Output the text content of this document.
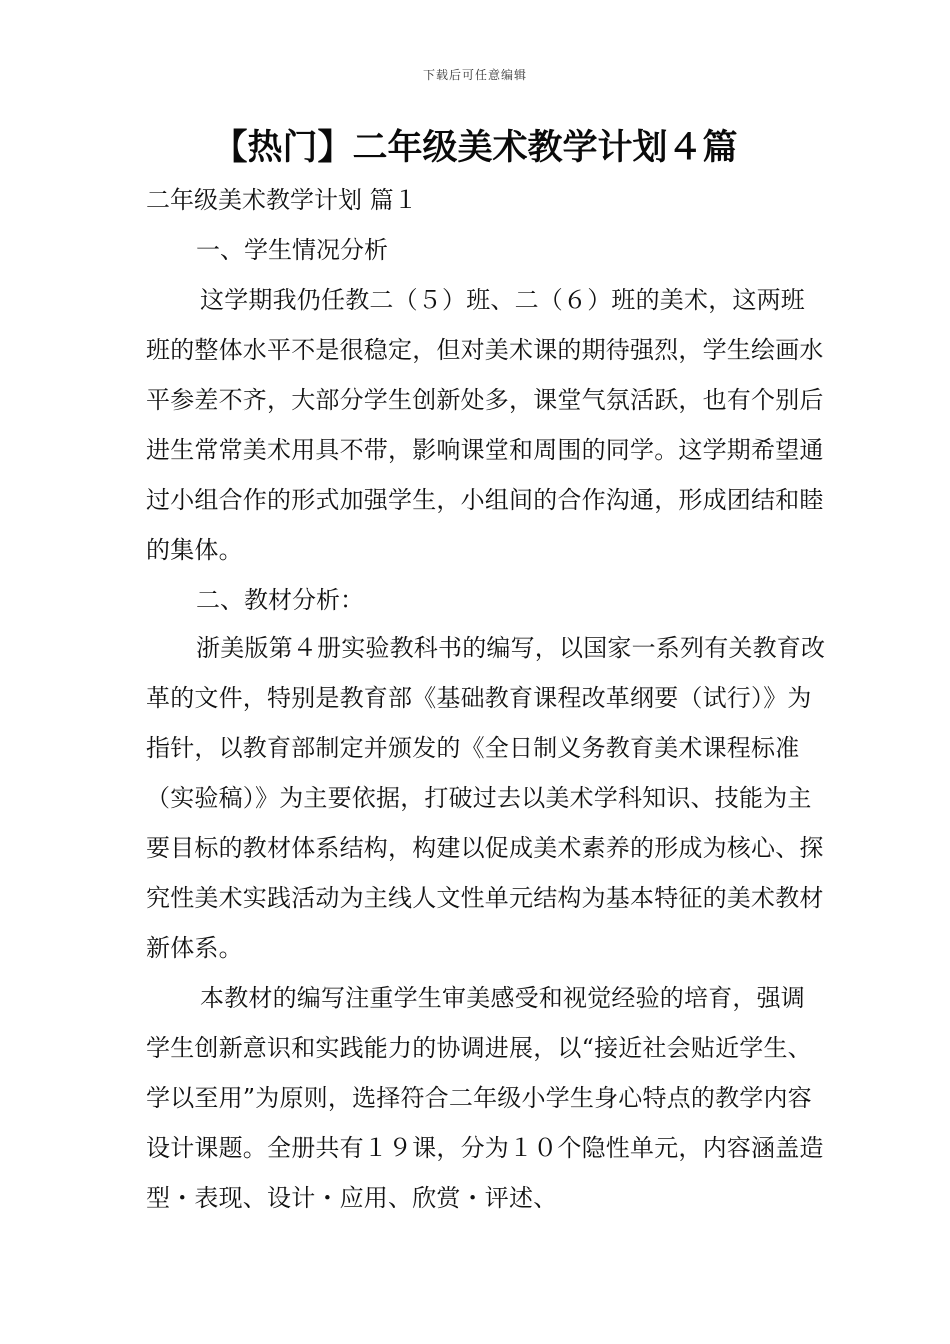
下载后可任意编辑
【热门】二年级美术教学计划４篇
二年级美术教学计划 篇１
一、学生情况分析

这学期我仍任教二（５）班、二（６）班的美术，这两班班的整体水平不是很稳定，但对美术课的期待强烈，学生绘画水平参差不齐，大部分学生创新处多，课堂气氛活跃，也有个别后进生常常美术用具不带，影响课堂和周围的同学。这学期希望通过小组合作的形式加强学生，小组间的合作沟通，形成团结和睦的集体。

二、教材分析：

浙美版第４册实验教科书的编写，以国家一系列有关教育改革的文件，特别是教育部《基础教育课程改革纲要（试行）》为指针，以教育部制定并颁发的《全日制义务教育美术课程标准（实验稿）》为主要依据，打破过去以美术学科知识、技能为主要目标的教材体系结构，构建以促成美术素养的形成为核心、探究性美术实践活动为主线人文性单元结构为基本特征的美术教材新体系。

本教材的编写注重学生审美感受和视觉经验的培育，强调学生创新意识和实践能力的协调进展，以“接近社会贴近学生、学以至用”为原则，选择符合二年级小学生身心特点的教学内容设计课题。全册共有１９课，分为１０个隐性单元，内容涵盖造型・表现、设计・应用、欣赏・评述、
